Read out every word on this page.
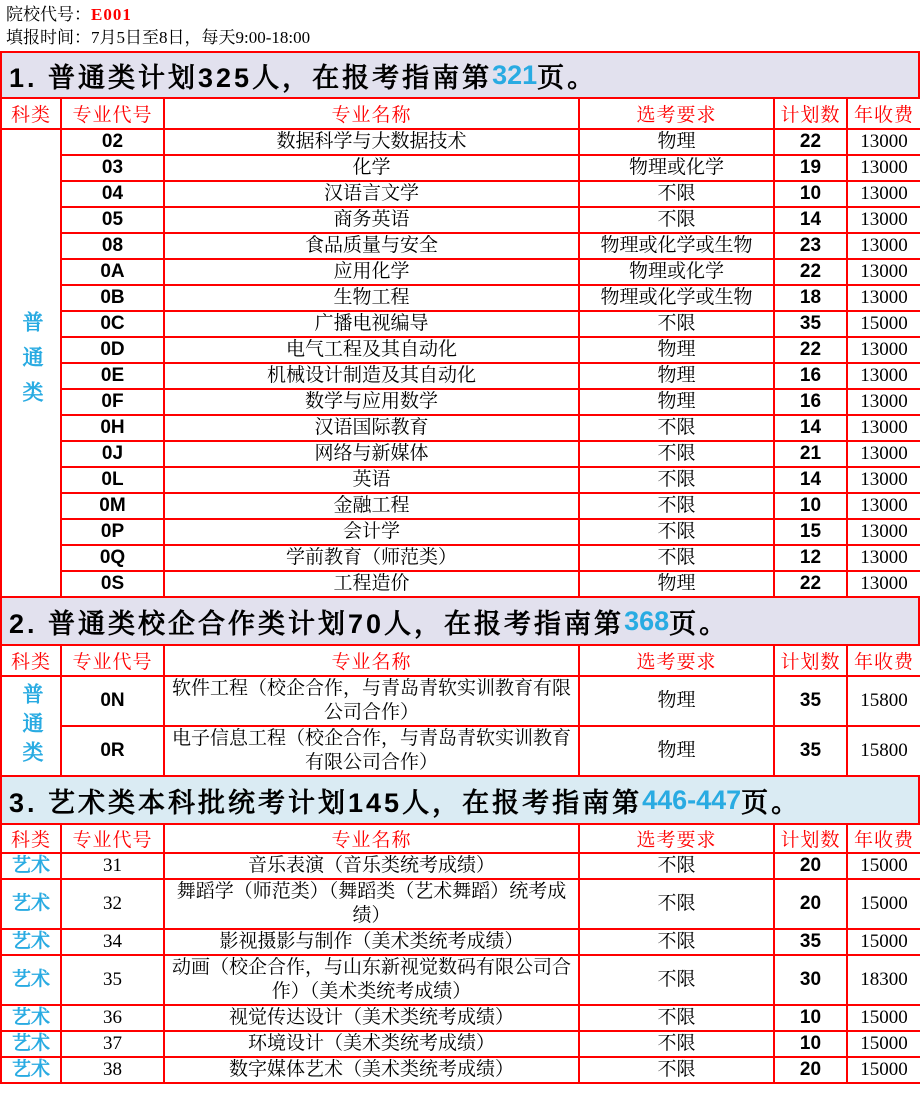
院校代号：E001
填报时间：7月5日至8日，每天9:00-18:00
1. 普通类计划325人，在报考指南第 321 页。
科类	专业代号	专业名称	选考要求	计划数	年收费

普通类	02	数据科学与大数据技术	物理	22	13000
	03	化学	物理或化学	19	13000
	04	汉语言文学	不限	10	13000
	05	商务英语	不限	14	13000
	08	食品质量与安全	物理或化学或生物	23	13000
	0A	应用化学	物理或化学	22	13000
	0B	生物工程	物理或化学或生物	18	13000
	0C	广播电视编导	不限	35	15000
	0D	电气工程及其自动化	物理	22	13000
	0E	机械设计制造及其自动化	物理	16	13000
	0F	数学与应用数学	物理	16	13000
	0H	汉语国际教育	不限	14	13000
	0J	网络与新媒体	不限	21	13000
	0L	英语	不限	14	13000
	0M	金融工程	不限	10	13000
	0P	会计学	不限	15	13000
	0Q	学前教育（师范类）	不限	12	13000
	0S	工程造价	物理	22	13000
2. 普通类校企合作类计划70人，在报考指南第 368 页。
科类	专业代号	专业名称	选考要求	计划数	年收费

普通类	0N	软件工程（校企合作，与青岛青软实训教育有限公司合作）	物理	35	15800
	0R	电子信息工程（校企合作，与青岛青软实训教育有限公司合作）	物理	35	15800
3. 艺术类本科批统考计划145人，在报考指南第 446-447 页。
科类	专业代号	专业名称	选考要求	计划数	年收费
艺术	31	音乐表演（音乐类统考成绩）	不限	20	15000
艺术	32	舞蹈学（师范类）（舞蹈类（艺术舞蹈）统考成绩）	不限	20	15000
艺术	34	影视摄影与制作（美术类统考成绩）	不限	35	15000
艺术	35	动画（校企合作，与山东新视觉数码有限公司合作）（美术类统考成绩）	不限	30	18300
艺术	36	视觉传达设计（美术类统考成绩）	不限	10	15000
艺术	37	环境设计（美术类统考成绩）	不限	10	15000
艺术	38	数字媒体艺术（美术类统考成绩）	不限	20	15000
